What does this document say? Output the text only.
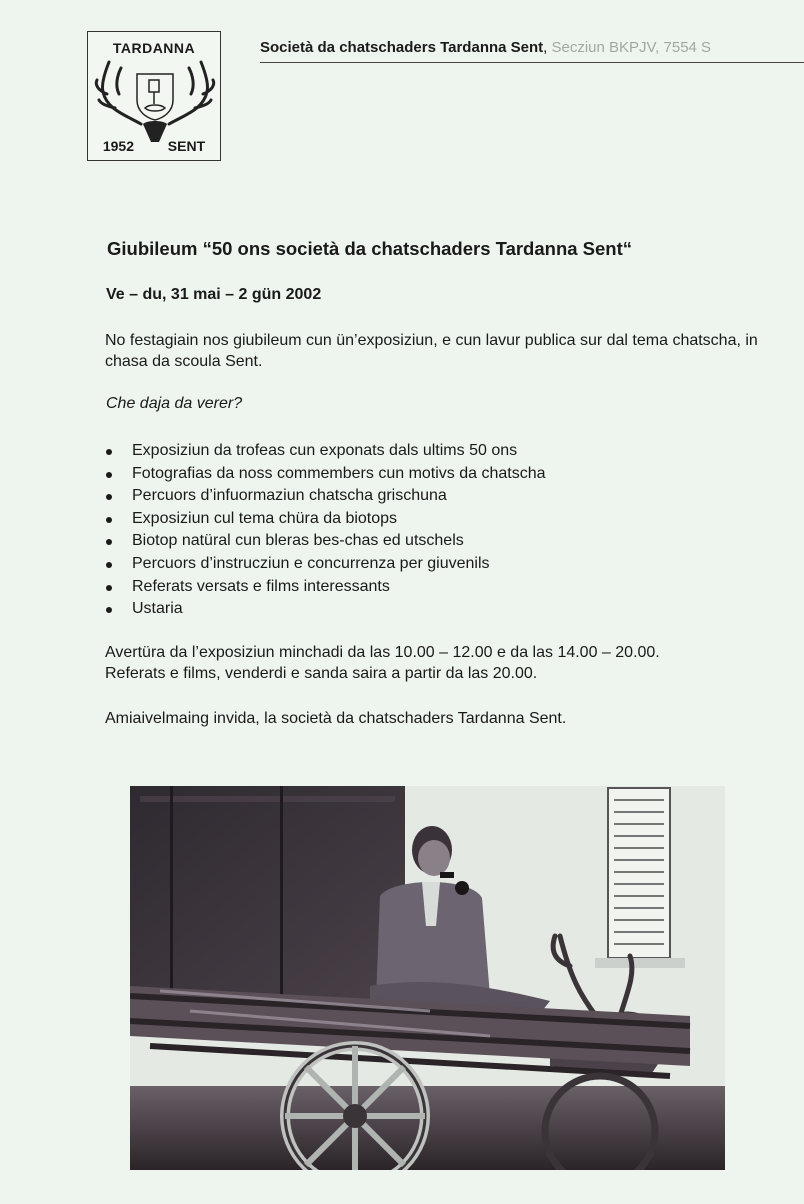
TARDANNA
1952 SENT
Società da chatschaders Tardanna Sent, Secziun BKPJV, 7554 S
Giubileum “50 ons società da chatschaders Tardanna Sent“
Ve – du, 31 mai – 2 gün 2002
No festagiain nos giubileum cun ün’exposiziun, e cun lavur publica sur dal tema chatscha, in chasa da scoula Sent.
Che daja da verer?
Exposiziun da trofeas cun exponats dals ultims 50 ons
Fotografias da noss commembers cun motivs da chatscha
Percuors d’infuormaziun chatscha grischuna
Exposiziun cul tema chüra da biotops
Biotop natüral cun bleras bes-chas ed utschels
Percuors d’instrucziun e concurrenza per giuvenils
Referats versats e films interessants
Ustaria
Avertüra da l’exposiziun minchadi da las 10.00 – 12.00 e da las 14.00 – 20.00.
Referats e films, venderdi e sanda saira a partir da las 20.00.
Amiaivelmaing invida, la società da chatschaders Tardanna Sent.
